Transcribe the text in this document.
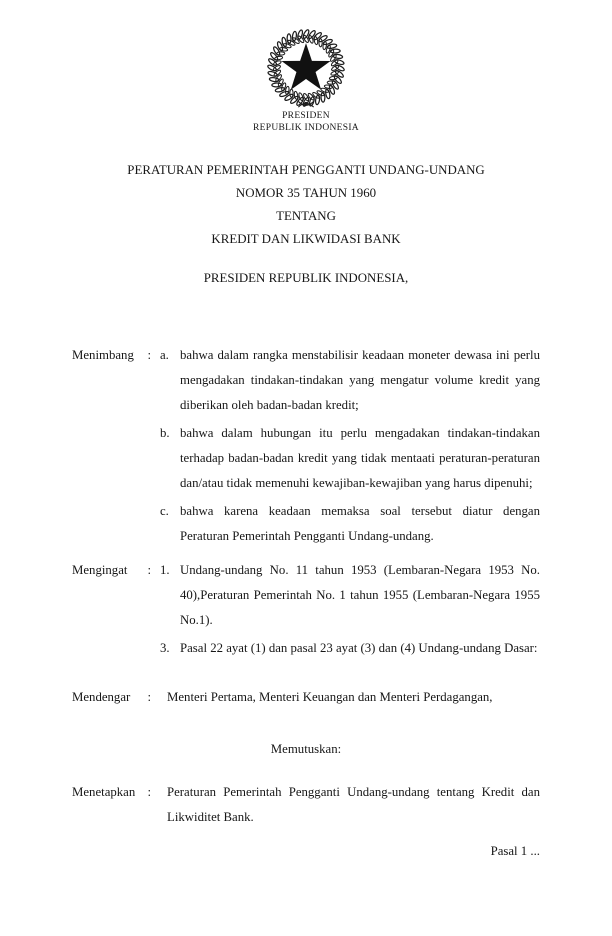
PRESIDEN
REPUBLIK INDONESIA
PERATURAN PEMERINTAH PENGGANTI UNDANG-UNDANG
NOMOR 35 TAHUN 1960
TENTANG
KREDIT DAN LIKWIDASI BANK
PRESIDEN REPUBLIK INDONESIA,
Menimbang : a. bahwa dalam rangka menstabilisir keadaan moneter dewasa ini perlu mengadakan tindakan-tindakan yang mengatur volume kredit yang diberikan oleh badan-badan kredit;
b. bahwa dalam hubungan itu perlu mengadakan tindakan-tindakan terhadap badan-badan kredit yang tidak mentaati peraturan-peraturan dan/atau tidak memenuhi kewajiban-kewajiban yang harus dipenuhi;
c. bahwa karena keadaan memaksa soal tersebut diatur dengan Peraturan Pemerintah Pengganti Undang-undang.
Mengingat : 1. Undang-undang No. 11 tahun 1953 (Lembaran-Negara 1953 No. 40),Peraturan Pemerintah No. 1 tahun 1955 (Lembaran-Negara 1955 No.1).
3. Pasal 22 ayat (1) dan pasal 23 ayat (3) dan (4) Undang-undang Dasar:
Mendengar :	Menteri Pertama, Menteri Keuangan dan Menteri Perdagangan,
Memutuskan:
Menetapkan :	Peraturan Pemerintah Pengganti Undang-undang tentang Kredit dan Likwiditet Bank.
Pasal 1 ...
